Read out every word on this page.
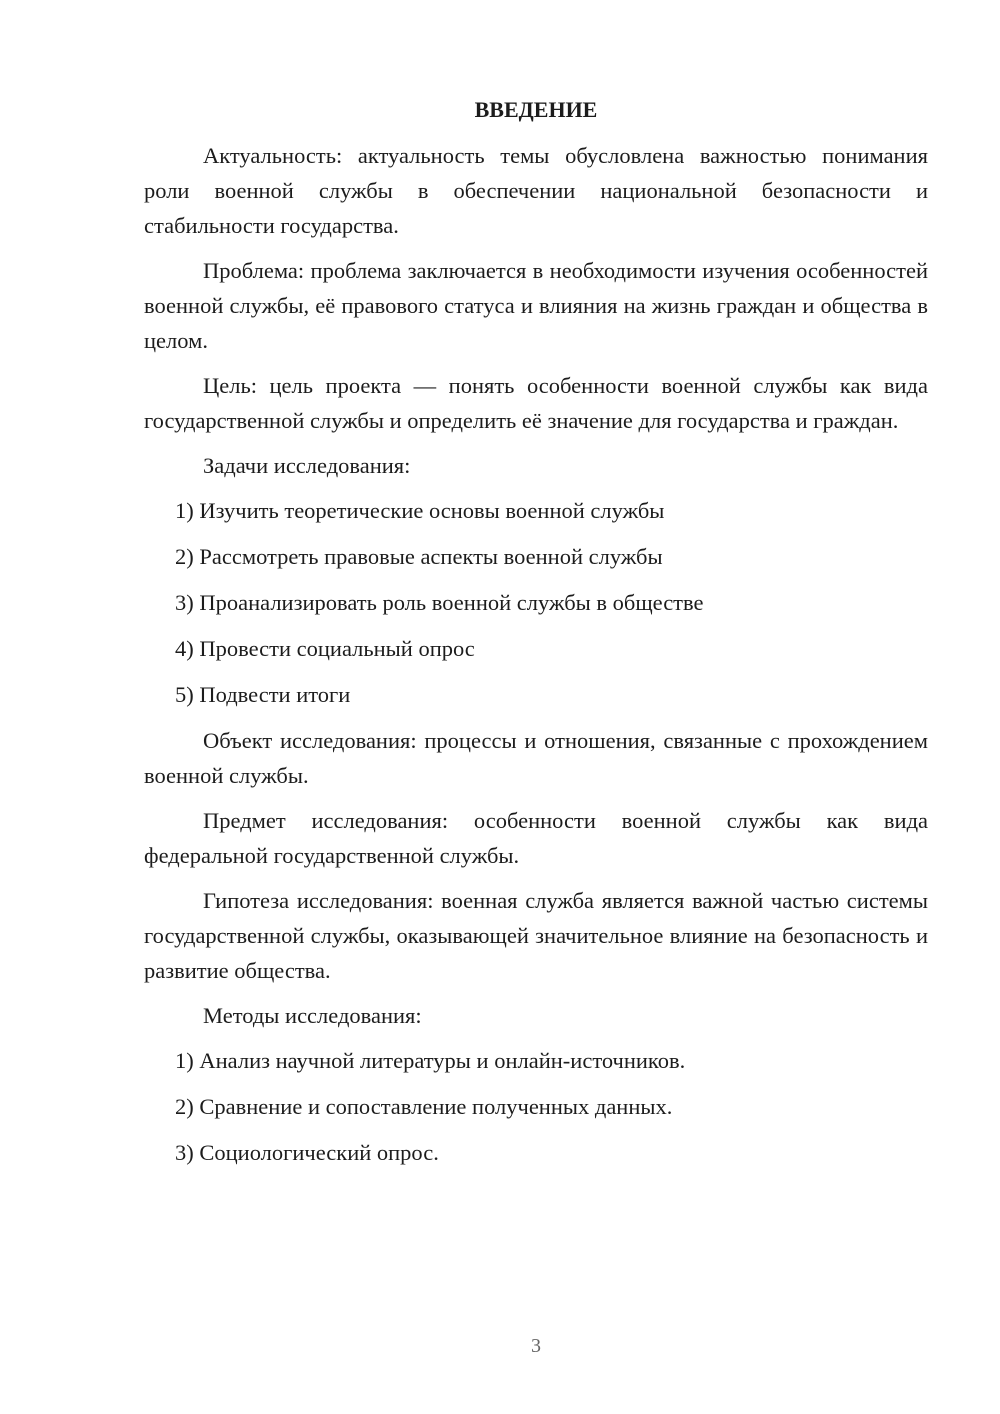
ВВЕДЕНИЕ

Актуальность: актуальность темы обусловлена важностью понимания роли военной службы в обеспечении национальной безопасности и стабильности государства.

Проблема: проблема заключается в необходимости изучения особенностей военной службы, её правового статуса и влияния на жизнь граждан и общества в целом.

Цель: цель проекта — понять особенности военной службы как вида государственной службы и определить её значение для государства и граждан.

Задачи исследования:

1) Изучить теоретические основы военной службы
2) Рассмотреть правовые аспекты военной службы
3) Проанализировать роль военной службы в обществе
4) Провести социальный опрос
5) Подвести итоги

Объект исследования: процессы и отношения, связанные с прохождением военной службы.

Предмет исследования: особенности военной службы как вида федеральной государственной службы.

Гипотеза исследования: военная служба является важной частью системы государственной службы, оказывающей значительное влияние на безопасность и развитие общества.

Методы исследования:

1) Анализ научной литературы и онлайн-источников.
2) Сравнение и сопоставление полученных данных.
3) Социологический опрос.
3
